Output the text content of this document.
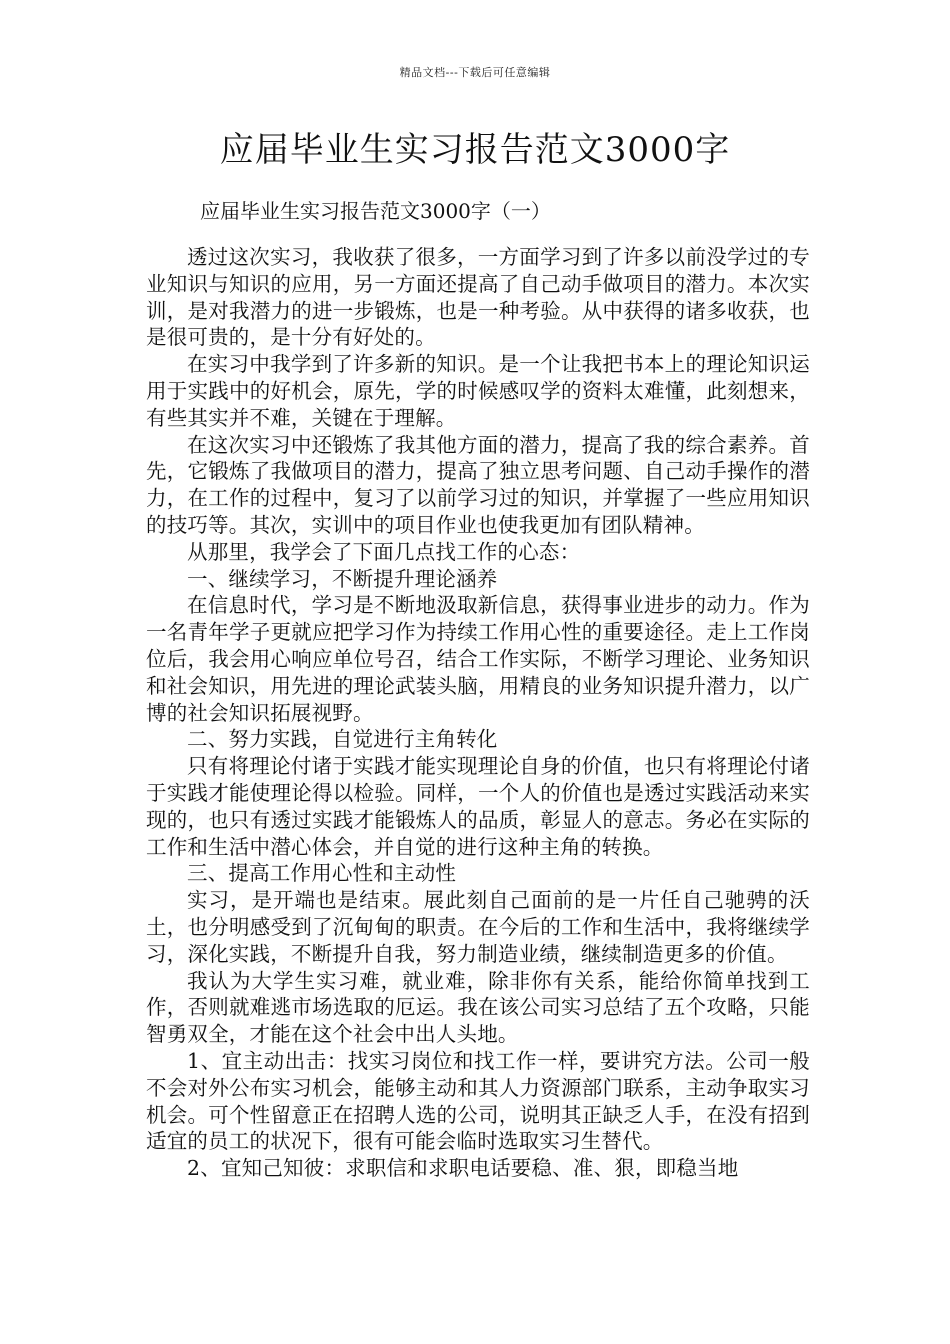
精品文档---下载后可任意编辑
应届毕业生实习报告范文3000字
应届毕业生实习报告范文3000字（一）

透过这次实习，我收获了很多，一方面学习到了许多以前没学过的专业知识与知识的应用，另一方面还提高了自己动手做项目的潜力。本次实训，是对我潜力的进一步锻炼，也是一种考验。从中获得的诸多收获，也是很可贵的，是十分有好处的。

在实习中我学到了许多新的知识。是一个让我把书本上的理论知识运用于实践中的好机会，原先，学的时候感叹学的资料太难懂，此刻想来，有些其实并不难，关键在于理解。

在这次实习中还锻炼了我其他方面的潜力，提高了我的综合素养。首先，它锻炼了我做项目的潜力，提高了独立思考问题、自己动手操作的潜力，在工作的过程中，复习了以前学习过的知识，并掌握了一些应用知识的技巧等。其次，实训中的项目作业也使我更加有团队精神。

从那里，我学会了下面几点找工作的心态：

一、继续学习，不断提升理论涵养

在信息时代，学习是不断地汲取新信息，获得事业进步的动力。作为一名青年学子更就应把学习作为持续工作用心性的重要途径。走上工作岗位后，我会用心响应单位号召，结合工作实际，不断学习理论、业务知识和社会知识，用先进的理论武装头脑，用精良的业务知识提升潜力，以广博的社会知识拓展视野。

二、努力实践，自觉进行主角转化

只有将理论付诸于实践才能实现理论自身的价值，也只有将理论付诸于实践才能使理论得以检验。同样，一个人的价值也是透过实践活动来实现的，也只有透过实践才能锻炼人的品质，彰显人的意志。务必在实际的工作和生活中潜心体会，并自觉的进行这种主角的转换。

三、提高工作用心性和主动性

实习，是开端也是结束。展此刻自己面前的是一片任自己驰骋的沃土，也分明感受到了沉甸甸的职责。在今后的工作和生活中，我将继续学习，深化实践，不断提升自我，努力制造业绩，继续制造更多的价值。

我认为大学生实习难，就业难，除非你有关系，能给你简单找到工作，否则就难逃市场选取的厄运。我在该公司实习总结了五个攻略，只能智勇双全，才能在这个社会中出人头地。

1、宜主动出击：找实习岗位和找工作一样，要讲究方法。公司一般不会对外公布实习机会，能够主动和其人力资源部门联系，主动争取实习机会。可个性留意正在招聘人选的公司，说明其正缺乏人手，在没有招到适宜的员工的状况下，很有可能会临时选取实习生替代。

2、宜知己知彼：求职信和求职电话要稳、准、狠，即稳当地
